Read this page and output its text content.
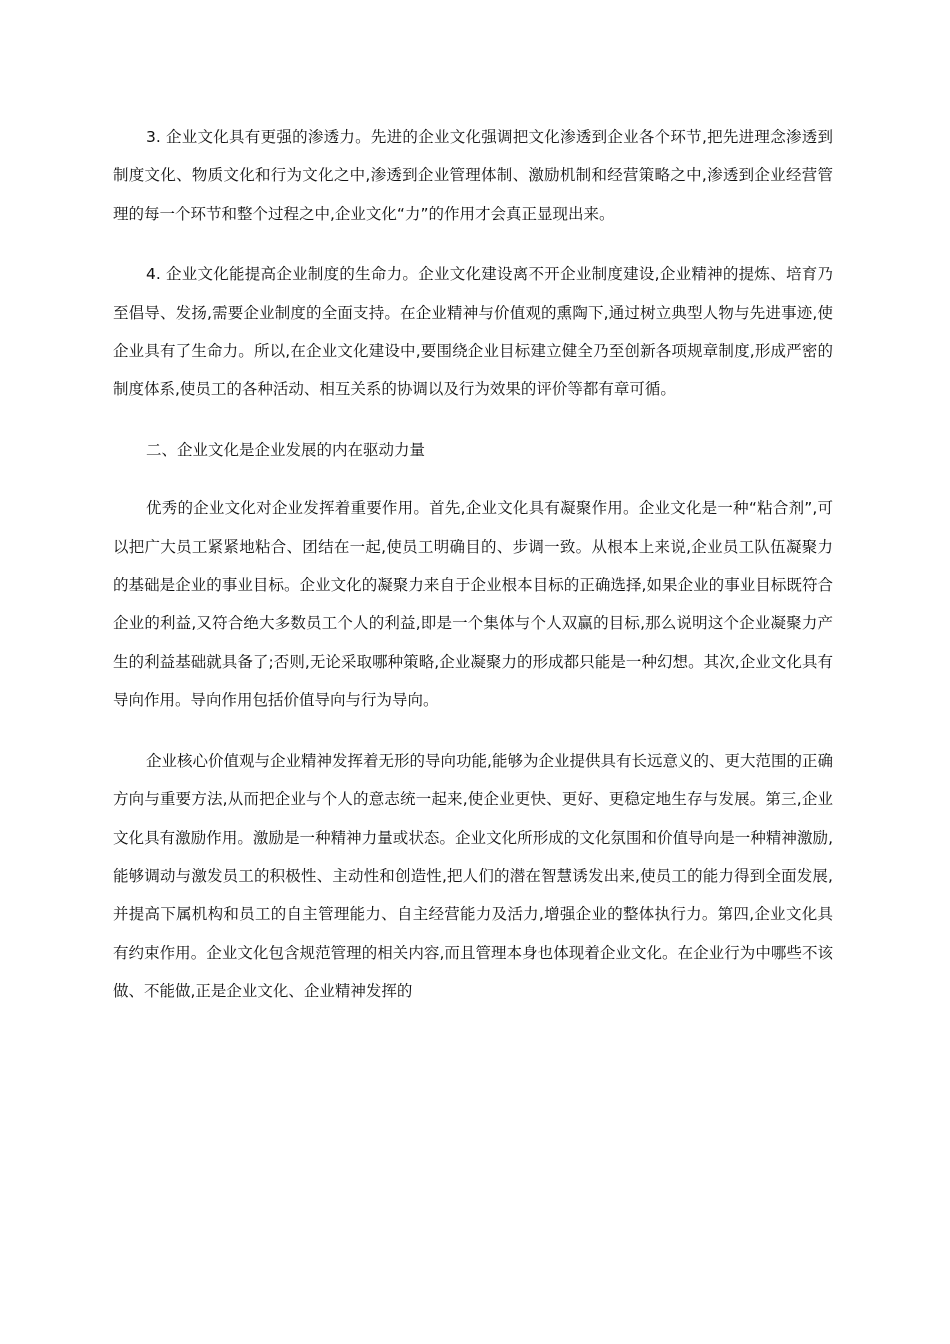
3. 企业文化具有更强的渗透力。先进的企业文化强调把文化渗透到企业各个环节,把先进理念渗透到制度文化、物质文化和行为文化之中,渗透到企业管理体制、激励机制和经营策略之中,渗透到企业经营管理的每一个环节和整个过程之中,企业文化“力”的作用才会真正显现出来。

4. 企业文化能提高企业制度的生命力。企业文化建设离不开企业制度建设,企业精神的提炼、培育乃至倡导、发扬,需要企业制度的全面支持。在企业精神与价值观的熏陶下,通过树立典型人物与先进事迹,使企业具有了生命力。所以,在企业文化建设中,要围绕企业目标建立健全乃至创新各项规章制度,形成严密的制度体系,使员工的各种活动、相互关系的协调以及行为效果的评价等都有章可循。

二、企业文化是企业发展的内在驱动力量

优秀的企业文化对企业发挥着重要作用。首先,企业文化具有凝聚作用。企业文化是一种“粘合剂”,可以把广大员工紧紧地粘合、团结在一起,使员工明确目的、步调一致。从根本上来说,企业员工队伍凝聚力的基础是企业的事业目标。企业文化的凝聚力来自于企业根本目标的正确选择,如果企业的事业目标既符合企业的利益,又符合绝大多数员工个人的利益,即是一个集体与个人双赢的目标,那么说明这个企业凝聚力产生的利益基础就具备了;否则,无论采取哪种策略,企业凝聚力的形成都只能是一种幻想。其次,企业文化具有导向作用。导向作用包括价值导向与行为导向。

企业核心价值观与企业精神发挥着无形的导向功能,能够为企业提供具有长远意义的、更大范围的正确方向与重要方法,从而把企业与个人的意志统一起来,使企业更快、更好、更稳定地生存与发展。第三,企业文化具有激励作用。激励是一种精神力量或状态。企业文化所形成的文化氛围和价值导向是一种精神激励,能够调动与激发员工的积极性、主动性和创造性,把人们的潜在智慧诱发出来,使员工的能力得到全面发展,并提高下属机构和员工的自主管理能力、自主经营能力及活力,增强企业的整体执行力。第四,企业文化具有约束作用。企业文化包含规范管理的相关内容,而且管理本身也体现着企业文化。在企业行为中哪些不该做、不能做,正是企业文化、企业精神发挥的
